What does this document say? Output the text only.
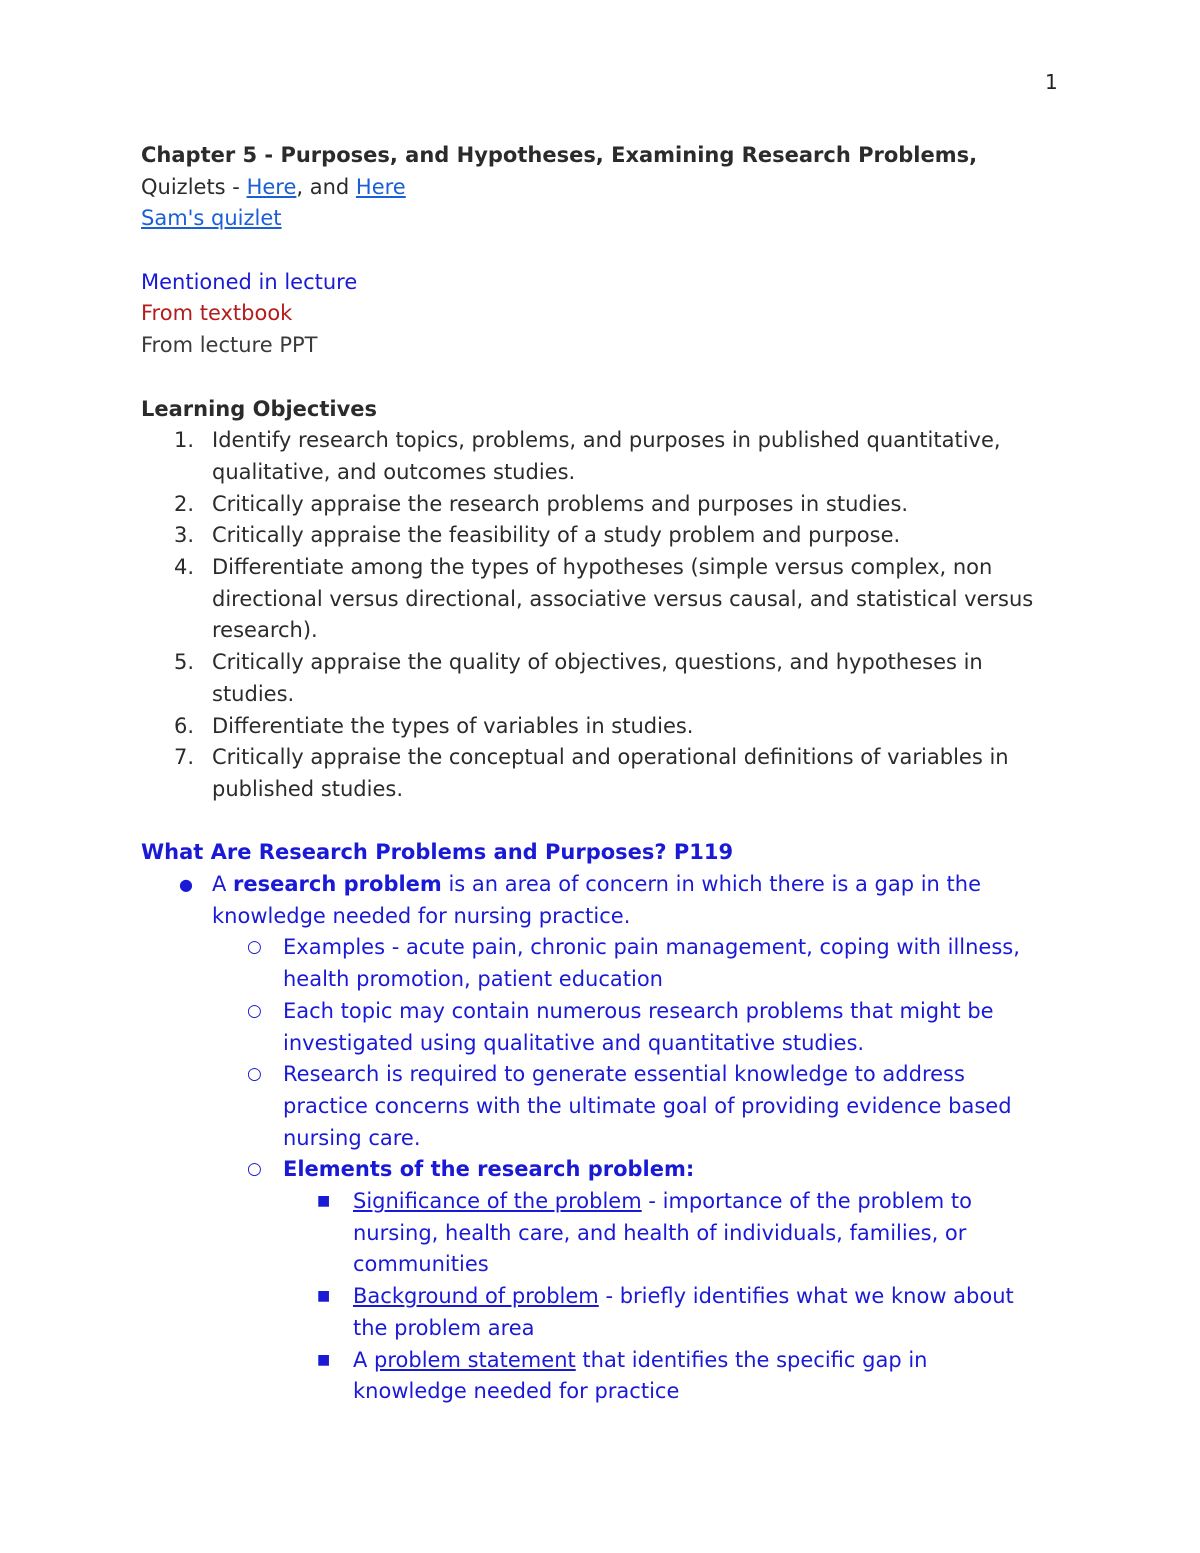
1
Chapter 5 - Purposes, and Hypotheses, Examining Research Problems,
Quizlets - Here, and Here
Sam's quizlet
Mentioned in lecture
From textbook
From lecture PPT
Learning Objectives
1. Identify research topics, problems, and purposes in published quantitative,
qualitative, and outcomes studies.
2. Critically appraise the research problems and purposes in studies.
3. Critically appraise the feasibility of a study problem and purpose.
4. Differentiate among the types of hypotheses (simple versus complex, non
directional versus directional, associative versus causal, and statistical versus
research).
5. Critically appraise the quality of objectives, questions, and hypotheses in
studies.
6. Differentiate the types of variables in studies.
7. Critically appraise the conceptual and operational definitions of variables in
published studies.
What Are Research Problems and Purposes? P119
● A research problem is an area of concern in which there is a gap in the
knowledge needed for nursing practice.
○ Examples - acute pain, chronic pain management, coping with illness,
health promotion, patient education
○ Each topic may contain numerous research problems that might be
investigated using qualitative and quantitative studies.
○ Research is required to generate essential knowledge to address
practice concerns with the ultimate goal of providing evidence based
nursing care.
○ Elements of the research problem:
■ Significance of the problem - importance of the problem to
nursing, health care, and health of individuals, families, or
communities
■ Background of problem - briefly identifies what we know about
the problem area
■ A problem statement that identifies the specific gap in
knowledge needed for practice
